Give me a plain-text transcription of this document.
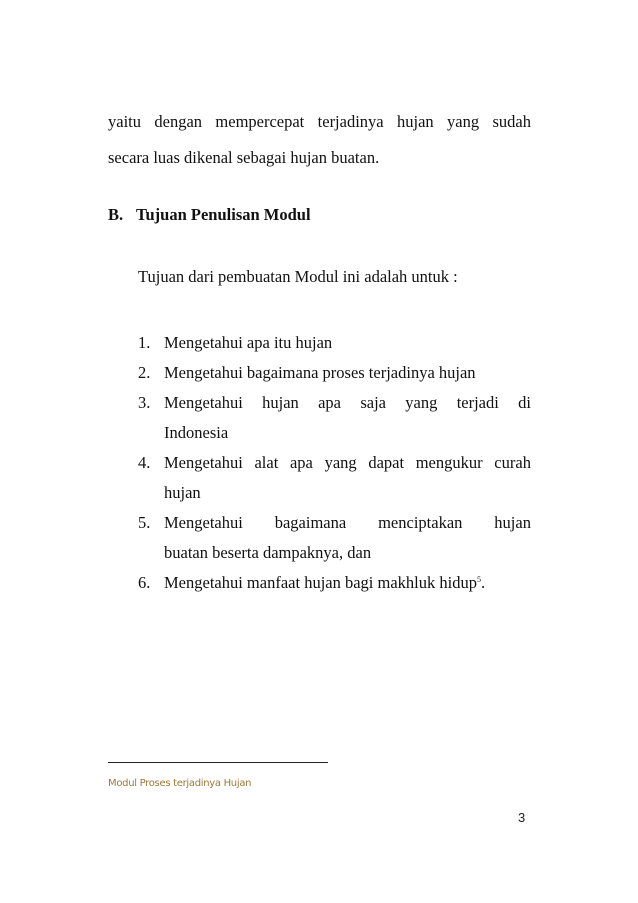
yaitu dengan mempercepat terjadinya hujan yang sudah
secara luas dikenal sebagai hujan buatan.
B. Tujuan Penulisan Modul
Tujuan dari pembuatan Modul ini adalah untuk :
1. Mengetahui apa itu hujan
2. Mengetahui bagaimana proses terjadinya hujan
3. Mengetahui hujan apa saja yang terjadi di
Indonesia
4. Mengetahui alat apa yang dapat mengukur curah
hujan
5. Mengetahui bagaimana menciptakan hujan
buatan beserta dampaknya, dan
6. Mengetahui manfaat hujan bagi makhluk hidup$^5$.
Modul Proses terjadinya Hujan
3
